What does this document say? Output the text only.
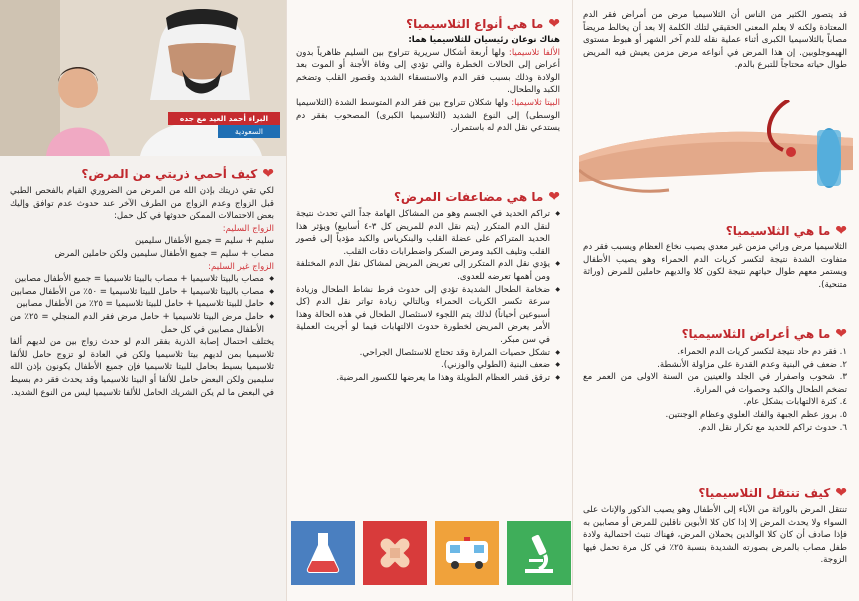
قد يتصور الكثير من الناس أن الثلاسيميا مرض من أمراض فقر الدم المعتادة ولكنه لا يعلم المعنى الحقيقي لتلك الكلمة إلا بعد أن يخالط مريضاً مصاباً بالثلاسيميا الكبرى أثناء عملية نقله للدم آخر الشهر أو هبوط مستوى الهيموجلوبين. إن هذا المرض في أنواعه مرض مزمن يعيش فيه المريض طوال حياته محتاجاً للتبرع بالدم.

❤
ما هي الثلاسيميا؟

الثلاسيميا مرض وراثي مزمن غير معدي يصيب نخاع العظام ويسبب فقر دم متفاوت الشدة نتيجة لتكسر كريات الدم الحمراء وهو يصيب الأطفال ويستمر معهم طوال حياتهم نتيجة لكون كلا والديهم حاملين للمرض (وراثة متنحية).

❤
ما هي أعراض الثلاسيميا؟
١. فقر دم حاد نتيجة لتكسر كريات الدم الحمراء.
٢. ضعف في البنية وعدم القدرة على مزاولة الأنشطة.
٣. شحوب واصفرار في الجلد والعينين من السنة الاولى من العمر مع تضخم الطحال والكبد وحصوات في المرارة.
٤. كثرة الالتهابات بشكل عام.
٥. بروز عظم الجبهة والفك العلوي وعظام الوجنتين.
٦. حدوث تراكم للحديد مع تكرار نقل الدم.
❤
كيف تنتقل الثلاسيميا؟

تنتقل المرض بالوراثة من الآباء إلى الأطفال وهو يصيب الذكور والإناث على السواء ولا يحدث المرض إلا إذا كان كلا الأبوين ناقلين للمرض أو مصابين به فإذا صادف أن كان كلا الوالدين يحملان المرض، فهناك نتبث احتمالية ولادة طفل مصاب بالمرض بصورته الشديدة بنسبة ٢٥٪ في كل مرة تحمل فيها الزوجة.

❤
ما هي أنواع الثلاسيميا؟

هناك نوعان رئيسيان للثلاسيميا هما:

الألفا ثلاسيميا: ولها أربعة أشكال سريرية تتراوح بين السليم ظاهرياً بدون أعراض إلى الحالات الخطرة والتي تؤدي إلى وفاة الأجنة أو الموت بعد الولادة وذلك بسبب فقر الدم والاستسقاء الشديد وقصور القلب وتضخم الكبد والطحال.

البيتا ثلاسيميا: ولها شكلان تتراوح بين فقر الدم المتوسط الشدة (الثلاسيميا الوسطى) إلى النوع الشديد (الثلاسيميا الكبرى) المصحوب بفقر دم يستدعي نقل الدم له باستمرار.

❤
ما هي مضاعفات المرض؟
◆ تراكم الحديد في الجسم وهو من المشاكل الهامة جداً التي تحدث نتيجة لنقل الدم المتكرر (يتم نقل الدم للمريض كل ٣-٤ أسابيع) ويؤثر هذا الحديد المتراكم على عضلة القلب والبنكرياس والكبد مؤدياً إلى قصور القلب وتليف الكبد ومرض السكر واضطرابات دقات القلب.
◆ يؤدي نقل الدم المتكرر إلى تعريض المريض لمشاكل نقل الدم المختلفة ومن أهمها تعرضه للعدوى.
◆ ضخامة الطحال الشديدة تؤدي إلى حدوث فرط نشاط الطحال وزيادة سرعة تكسر الكريات الحمراء وبالتالي زيادة تواتر نقل الدم (كل أسبوعين أحياناً) لذلك يتم اللجوء لاستئصال الطحال في هذه الحالة وهذا الأمر يعرض المريض لخطورة حدوث الالتهابات فيما لو أجريت العملية في سن مبكر.
◆ تشكل حصيات المرارة وقد تحتاج للاستئصال الجراحي.
◆ ضعف البنية (الطولي والوزني).
◆ ترقق قشر العظام الطويلة وهذا ما يعرضها للكسور المرضية.
البراء أحمد العيد مع جده
السعودية
❤
كيف أحمي ذريتي من المرض؟

لكي تقي ذريتك بإذن الله من المرض من الضروري القيام بالفحص الطبي قبل الزواج وعدم الزواج من الطرف الآخر عند حدوث عدم توافق وإليك بعض الاحتمالات الممكن حدوثها في كل حمل:

الزواج السليم:

سليم + سليم = جميع الأطفال سليمين

مصاب + سليم = جميع الأطفال سليمين ولكن حاملين المرض

الزواج غير السليم:

◆ مصاب بالبيتا ثلاسيميا + مصاب بالبيتا ثلاسيميا = جميع الأطفال مصابين
◆ مصاب بالبيتا ثلاسيميا + حامل للبيتا ثلاسيميا = ٥٠٪ من الأطفال مصابين
◆ حامل للبيتا ثلاسيميا + حامل للبيتا ثلاسيميا = ٢٥٪ من الأطفال مصابين
◆ حامل مرض البيتا ثلاسيميا + حامل مرض فقر الدم المنجلي = ٢٥٪ من الأطفال مصابين في كل حمل

يختلف احتمال إصابة الذرية بفقر الدم لو حدث زواج بين من لديهم ألفا ثلاسيميا بمن لديهم بيتا ثلاسيميا ولكن في العادة لو تزوج حامل للألفا ثلاسيميا بسيط بحامل للبيتا ثلاسيميا فإن جميع الأطفال يكونون بإذن الله سليمين ولكن البعض حامل للألفا أو البيتا ثلاسيميا وقد يحدث فقر دم بسيط في البعض ما لم يكن الشريك الحامل للألفا ثلاسيميا ليس من النوع الشديد.
